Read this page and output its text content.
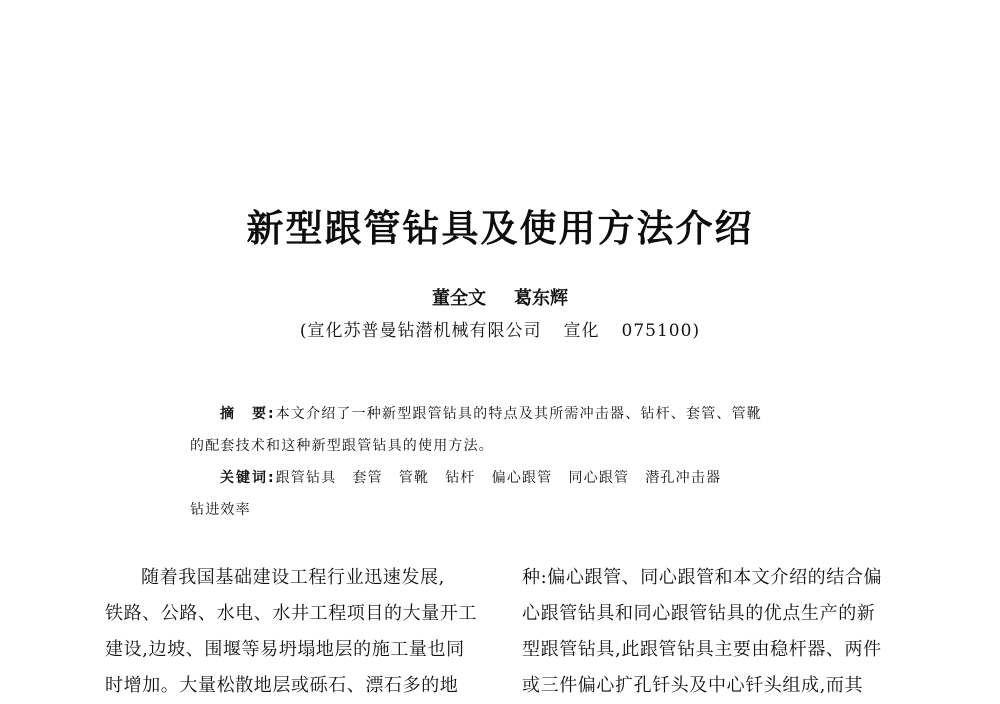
新型跟管钻具及使用方法介绍
董全文 葛东辉
(宣化苏普曼钻潜机械有限公司 宣化 075100)
摘　要:本文介绍了一种新型跟管钻具的特点及其所需冲击器、钻杆、套管、管靴
的配套技术和这种新型跟管钻具的使用方法。
关键词:跟管钻具 套管 管靴 钻杆 偏心跟管 同心跟管 潜孔冲击器
钻进效率
随着我国基础建设工程行业迅速发展,
铁路、公路、水电、水井工程项目的大量开工
建设,边坡、围堰等易坍塌地层的施工量也同
时增加。大量松散地层或砾石、漂石多的地
种:偏心跟管、同心跟管和本文介绍的结合偏
心跟管钻具和同心跟管钻具的优点生产的新
型跟管钻具,此跟管钻具主要由稳杆器、两件
或三件偏心扩孔钎头及中心钎头组成,而其
